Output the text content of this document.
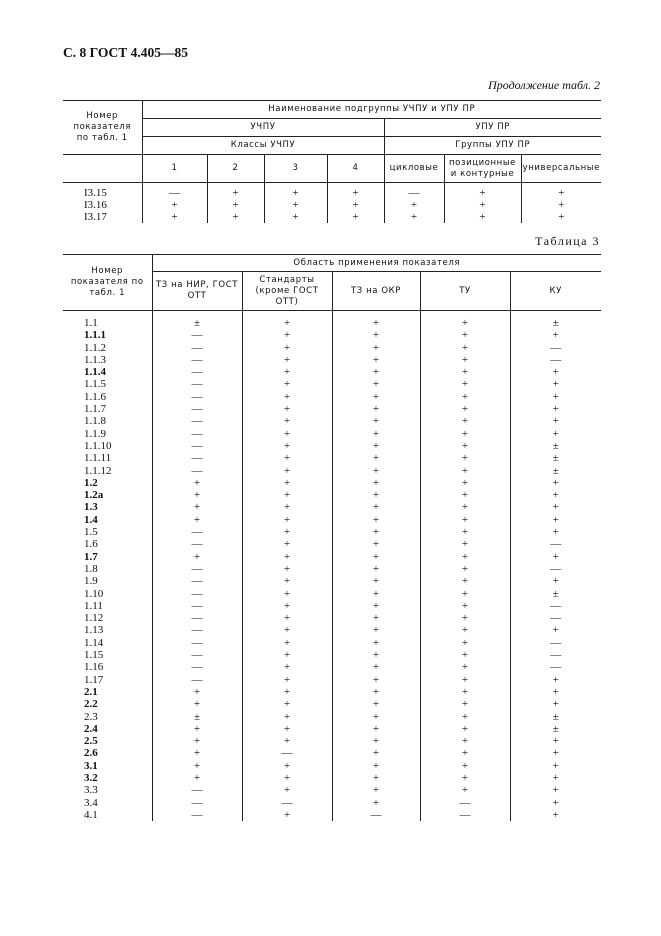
С. 8 ГОСТ 4.405—85
Продолжение табл. 2
Номер показателя по табл. 1	Наименование подгруппы УЧПУ и УПУ ПР						
	УЧПУ				УПУ ПР		
	Классы УЧПУ				Группы УПУ ПР		
	1	2	3	4	цикловые	позиционные и контурные	универсальные
I3.15	—	+	+	+	—	+	+
I3.16	+	+	+	+	+	+	+
I3.17	+	+	+	+	+	+	+
Таблица 3
Номер показателя по табл. 1	Область применения показателя				
	ТЗ на НИР, ГОСТ ОТТ	Стандарты (кроме ГОСТ ОТТ)	ТЗ на ОКР	ТУ	КУ

1.1	±	+	+	+	±
1.1.1	—	+	+	+	+
1.1.2	—	+	+	+	—
1.1.3	—	+	+	+	—
1.1.4	—	+	+	+	+
1.1.5	—	+	+	+	+
1.1.6	—	+	+	+	+
1.1.7	—	+	+	+	+
1.1.8	—	+	+	+	+
1.1.9	—	+	+	+	+
1.1.10	—	+	+	+	±
1.1.11	—	+	+	+	±
1.1.12	—	+	+	+	±
1.2	+	+	+	+	+
1.2а	+	+	+	+	+
1.3	+	+	+	+	+
1.4	+	+	+	+	+
1.5	—	+	+	+	+
1.6	—	+	+	+	—
1.7	+	+	+	+	+
1.8	—	+	+	+	—
1.9	—	+	+	+	+
1.10	—	+	+	+	±
1.11	—	+	+	+	—
1.12	—	+	+	+	—
1.13	—	+	+	+	+
1.14	—	+	+	+	—
1.15	—	+	+	+	—
1.16	—	+	+	+	—
1.17	—	+	+	+	+
2.1	+	+	+	+	+
2.2	+	+	+	+	+
2.3	±	+	+	+	±
2.4	+	+	+	+	±
2.5	+	+	+	+	+
2.6	+	—	+	+	+
3.1	+	+	+	+	+
3.2	+	+	+	+	+
3.3	—	+	+	+	+
3.4	—	—	+	—	+
4.1	—	+	—	—	+
